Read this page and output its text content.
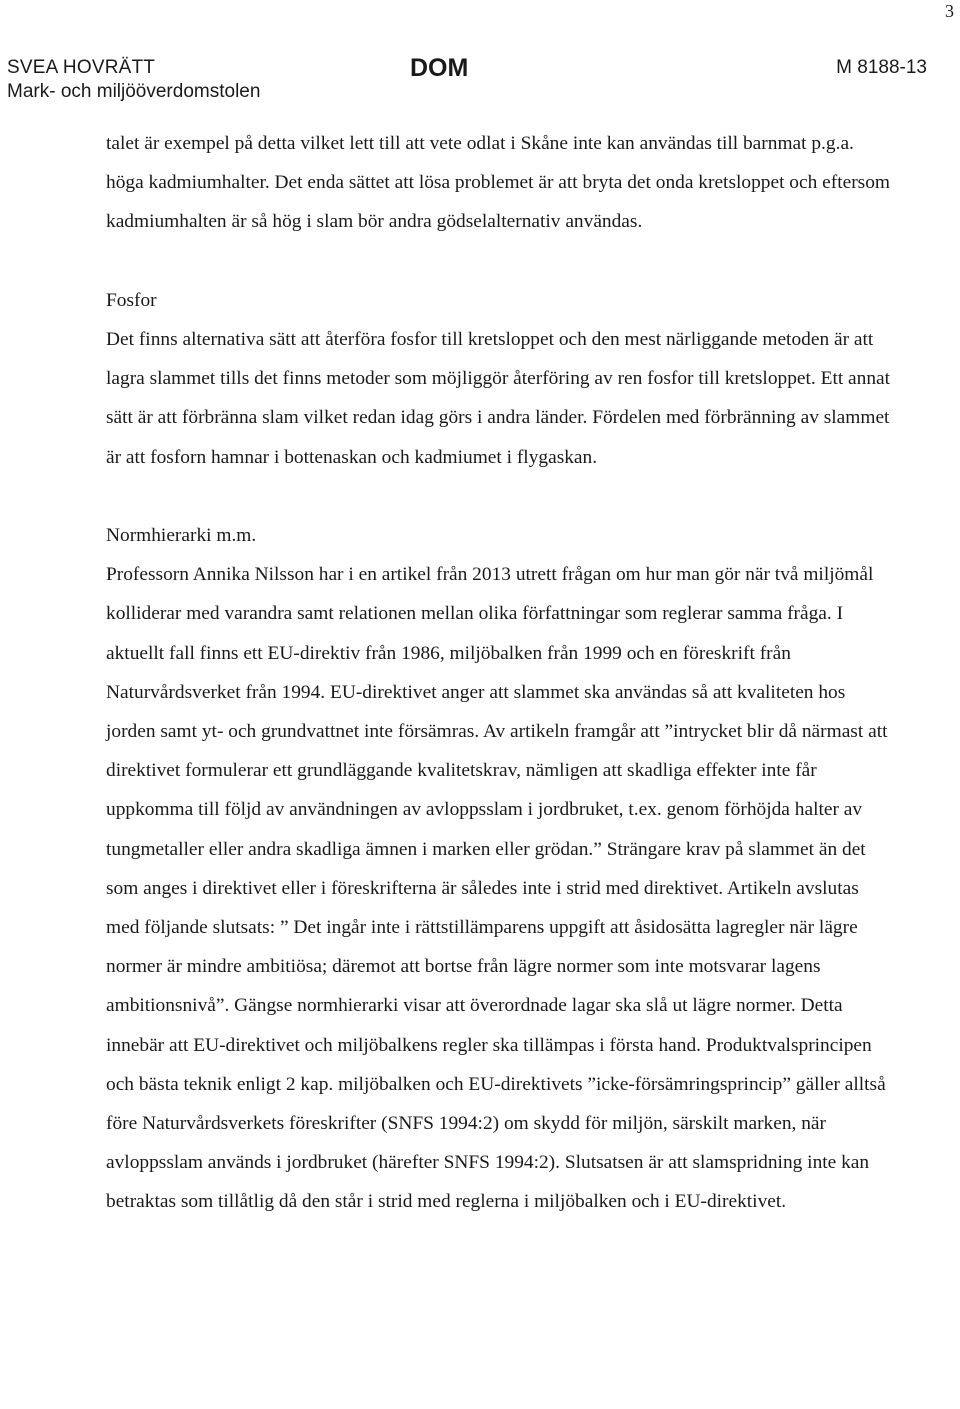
3
SVEA HOVRÄTT
Mark- och miljööverdomstolen
DOM	M 8188-13

talet är exempel på detta vilket lett till att vete odlat i Skåne inte kan användas till barnmat p.g.a. höga kadmiumhalter. Det enda sättet att lösa problemet är att bryta det onda kretsloppet och eftersom kadmiumhalten är så hög i slam bör andra gödselalternativ användas.

Fosfor

Det finns alternativa sätt att återföra fosfor till kretsloppet och den mest närliggande metoden är att lagra slammet tills det finns metoder som möjliggör återföring av ren fosfor till kretsloppet. Ett annat sätt är att förbränna slam vilket redan idag görs i andra länder. Fördelen med förbränning av slammet är att fosforn hamnar i bottenaskan och kadmiumet i flygaskan.

Normhierarki m.m.

Professorn Annika Nilsson har i en artikel från 2013 utrett frågan om hur man gör när två miljömål kolliderar med varandra samt relationen mellan olika författningar som reglerar samma fråga. I aktuellt fall finns ett EU-direktiv från 1986, miljöbalken från 1999 och en föreskrift från Naturvårdsverket från 1994. EU-direktivet anger att slammet ska användas så att kvaliteten hos jorden samt yt- och grundvattnet inte försämras. Av artikeln framgår att ”intrycket blir då närmast att direktivet formulerar ett grundläggande kvalitetskrav, nämligen att skadliga effekter inte får uppkomma till följd av användningen av avloppsslam i jordbruket, t.ex. genom förhöjda halter av tungmetaller eller andra skadliga ämnen i marken eller grödan.” Strängare krav på slammet än det som anges i direktivet eller i föreskrifterna är således inte i strid med direktivet. Artikeln avslutas med följande slutsats: ” Det ingår inte i rättstillämparens uppgift att åsidosätta lagregler när lägre normer är mindre ambitiösa; däremot att bortse från lägre normer som inte motsvarar lagens ambitionsnivå”. Gängse normhierarki visar att överordnade lagar ska slå ut lägre normer. Detta innebär att EU-direktivet och miljöbalkens regler ska tillämpas i första hand. Produktvalsprincipen och bästa teknik enligt 2 kap. miljöbalken och EU-direktivets ”icke-försämringsprincip” gäller alltså före Naturvårdsverkets föreskrifter (SNFS 1994:2) om skydd för miljön, särskilt marken, när avloppsslam används i jordbruket (härefter SNFS 1994:2). Slutsatsen är att slamspridning inte kan betraktas som tillåtlig då den står i strid med reglerna i miljöbalken och i EU-direktivet.
